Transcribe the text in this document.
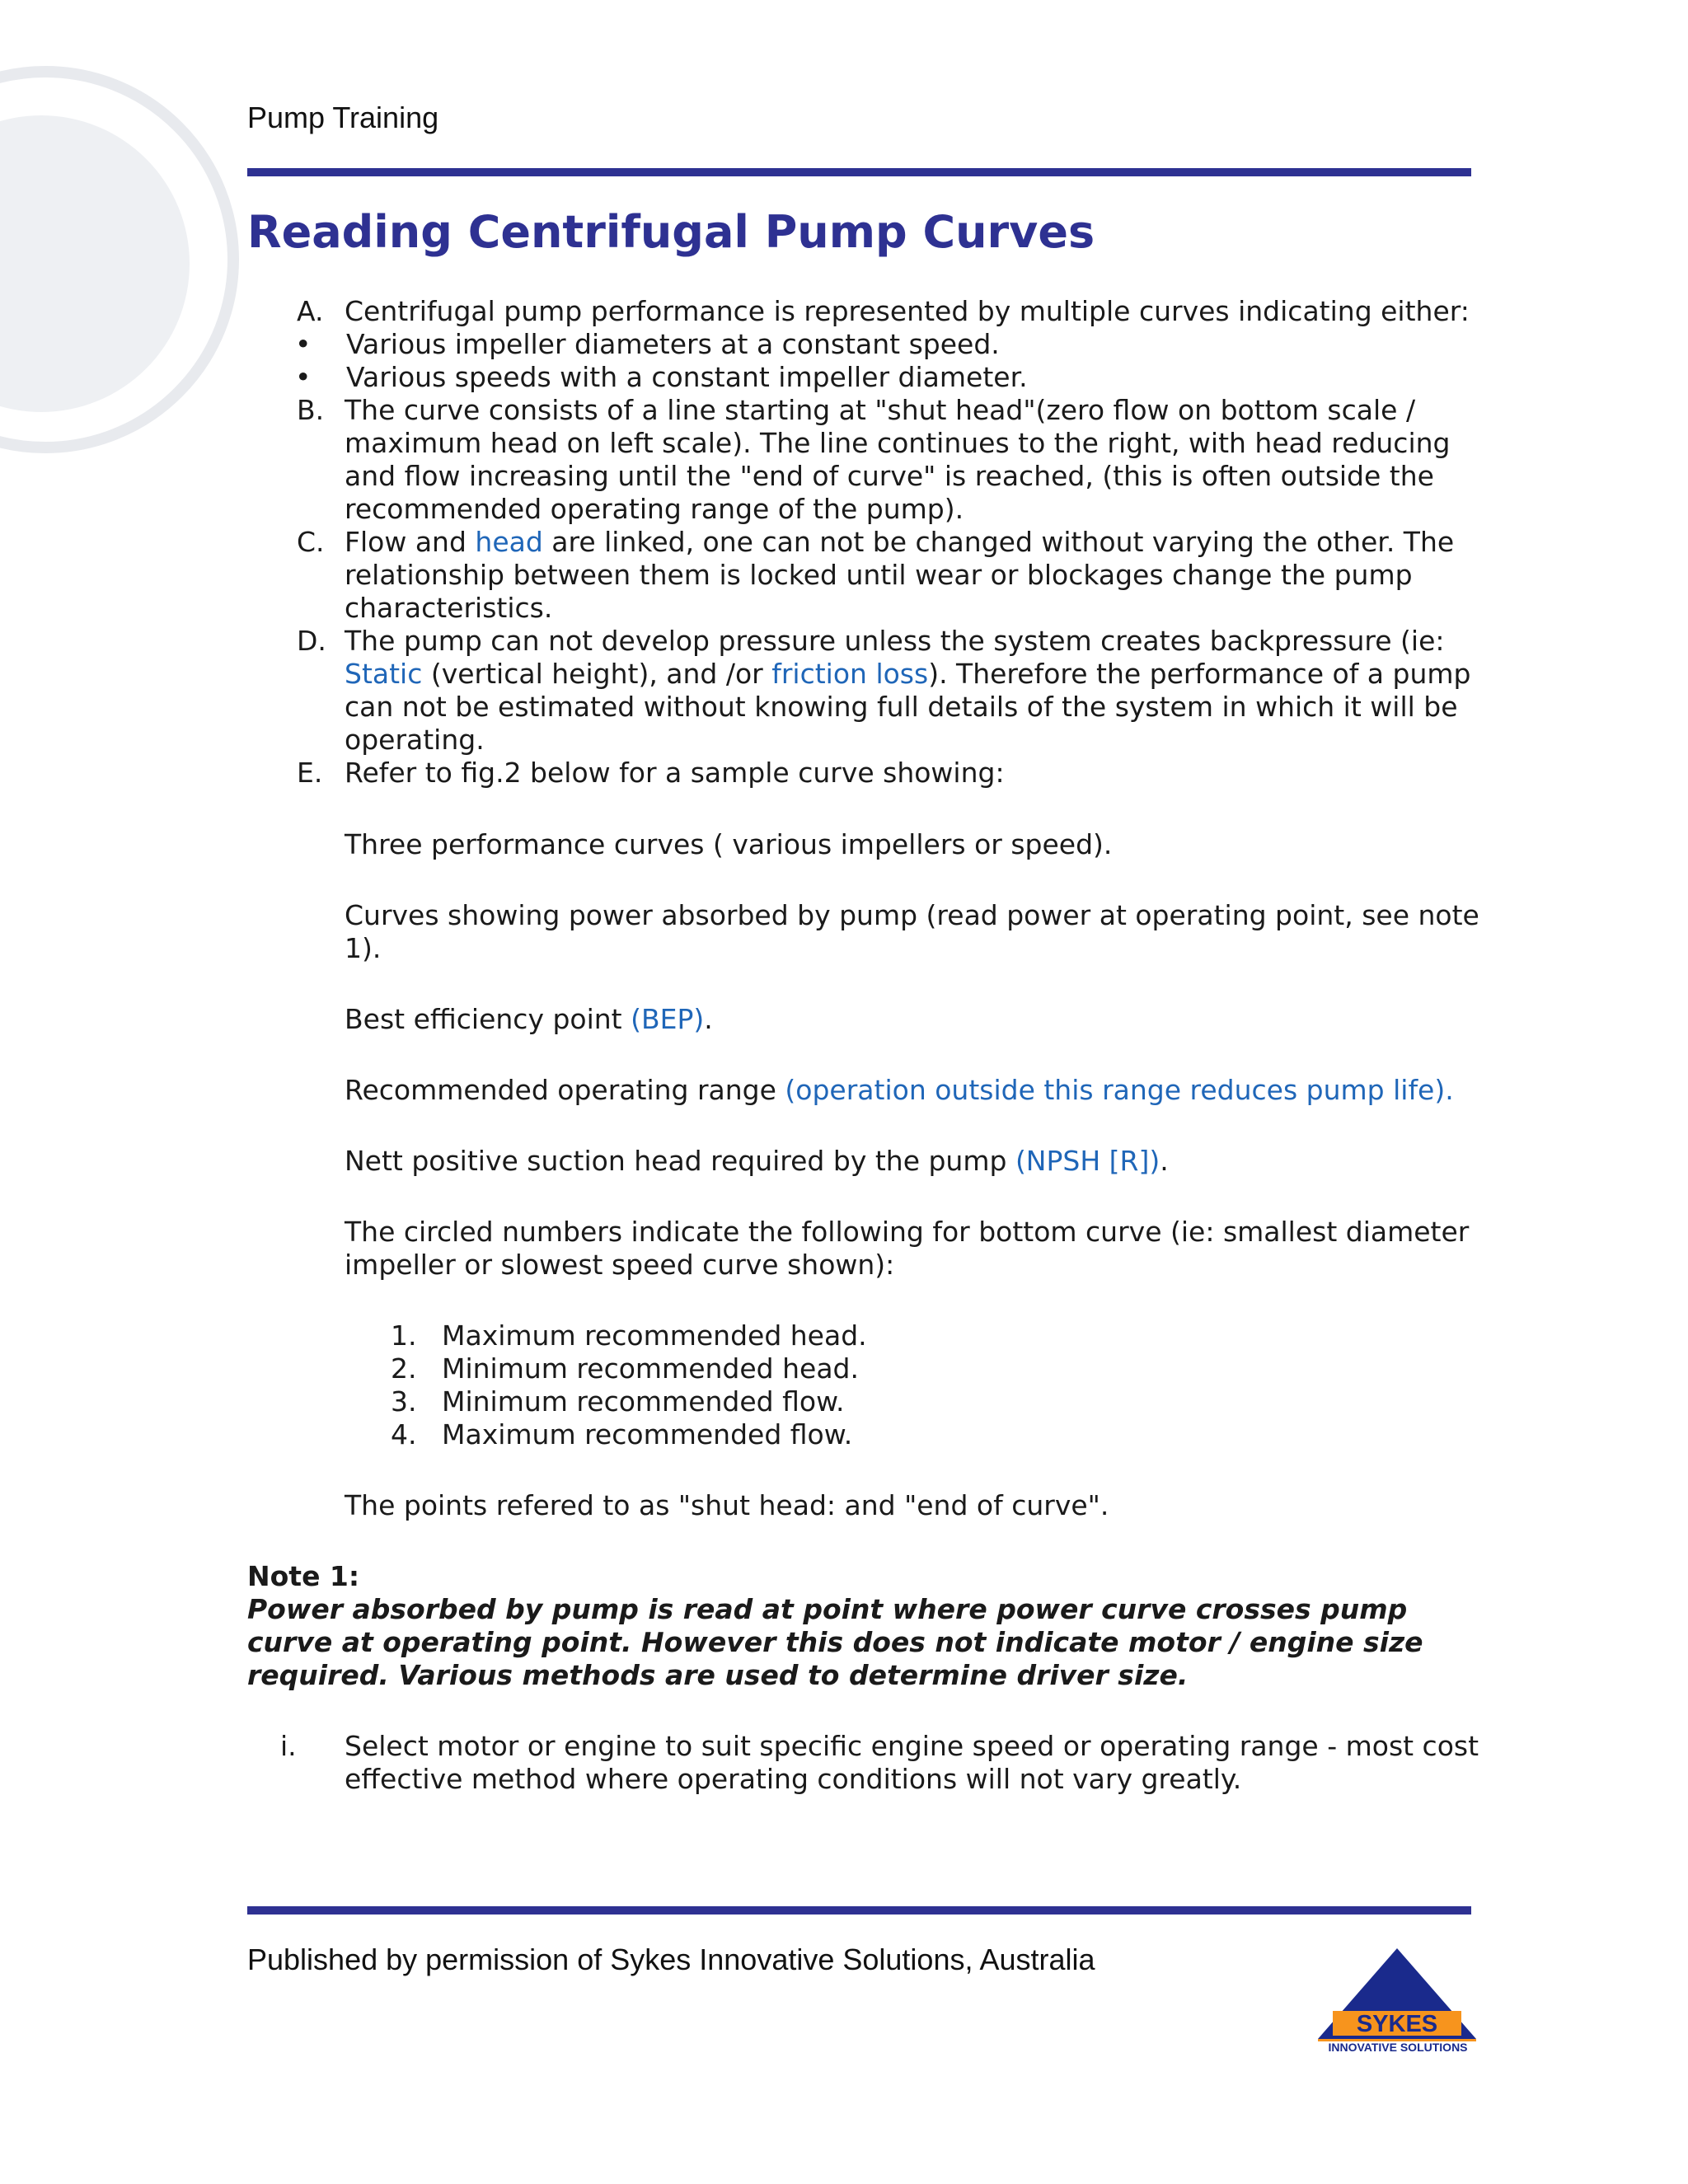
Pump Training
Reading Centrifugal Pump Curves
A. Centrifugal pump performance is represented by multiple curves indicating either:
• Various impeller diameters at a constant speed.
• Various speeds with a constant impeller diameter.
B. The curve consists of a line starting at "shut head"(zero flow on bottom scale / maximum head on left scale). The line continues to the right, with head reducing and flow increasing until the "end of curve" is reached, (this is often outside the recommended operating range of the pump).
C. Flow and head are linked, one can not be changed without varying the other. The relationship between them is locked until wear or blockages change the pump characteristics.
D. The pump can not develop pressure unless the system creates backpressure (ie: Static (vertical height), and /or friction loss). Therefore the performance of a pump can not be estimated without knowing full details of the system in which it will be operating.
E. Refer to fig.2 below for a sample curve showing:
Three performance curves ( various impellers or speed).
Curves showing power absorbed by pump (read power at operating point, see note 1).
Best efficiency point (BEP).
Recommended operating range (operation outside this range reduces pump life).
Nett positive suction head required by the pump (NPSH [R]).
The circled numbers indicate the following for bottom curve (ie: smallest diameter impeller or slowest speed curve shown):
1. Maximum recommended head.
2. Minimum recommended head.
3. Minimum recommended flow.
4. Maximum recommended flow.
The points refered to as "shut head: and "end of curve".
Note 1:
Power absorbed by pump is read at point where power curve crosses pump curve at operating point. However this does not indicate motor / engine size required. Various methods are used to determine driver size.
i. Select motor or engine to suit specific engine speed or operating range - most cost effective method where operating conditions will not vary greatly.
Published by permission of Sykes Innovative Solutions, Australia
SYKES
INNOVATIVE SOLUTIONS
